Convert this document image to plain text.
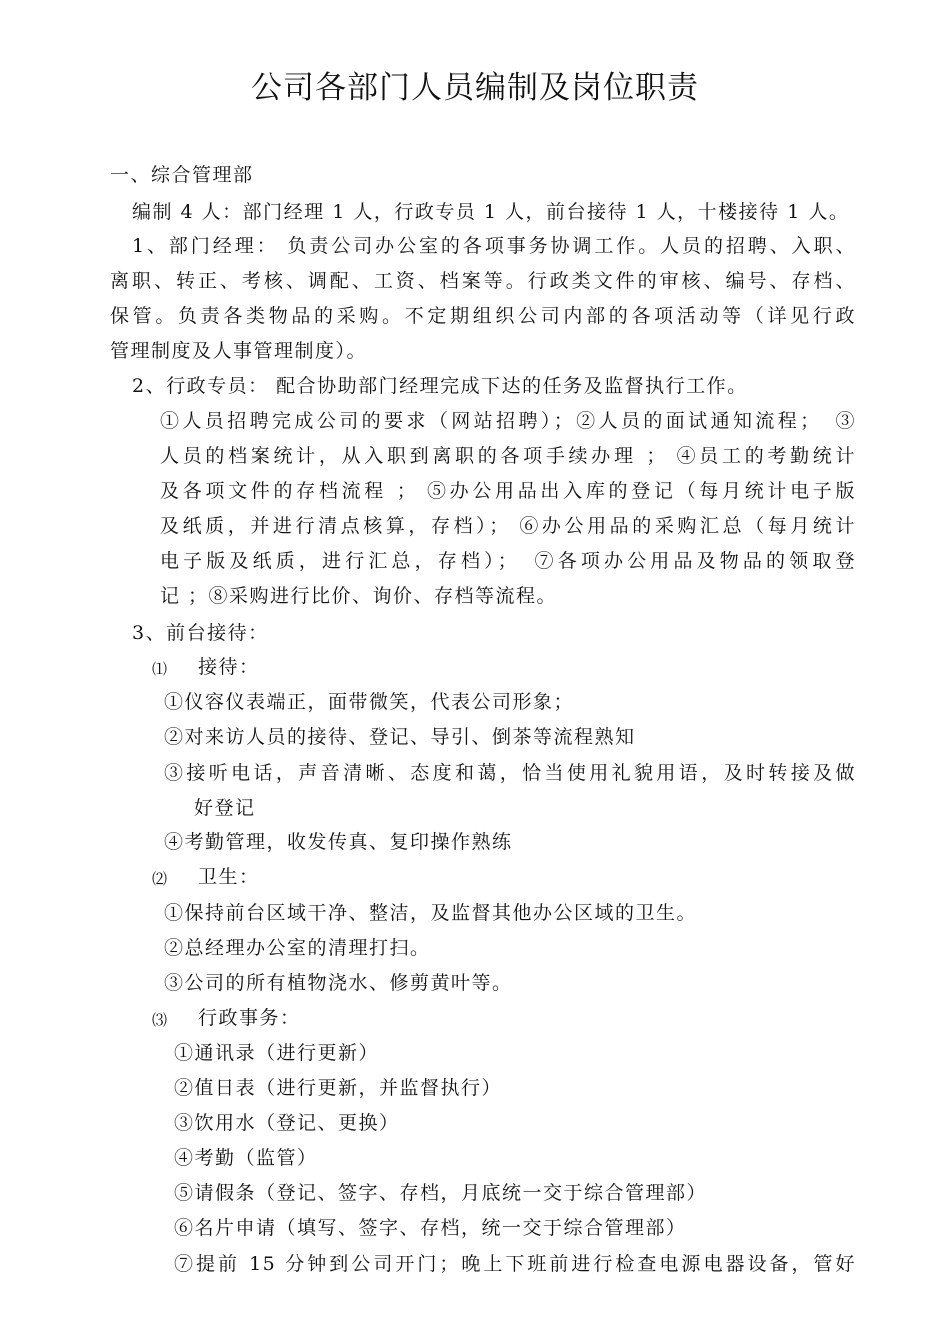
公司各部门人员编制及岗位职责
一、综合管理部
编制 4 人：部门经理 1 人，行政专员 1 人，前台接待 1 人，十楼接待 1 人。
1、部门经理： 负责公司办公室的各项事务协调工作。人员的招聘、入职、
离职、转正、考核、调配、工资、档案等。行政类文件的审核、编号、存档、
保管。负责各类物品的采购。不定期组织公司内部的各项活动等（详见行政
管理制度及人事管理制度）。
2、行政专员： 配合协助部门经理完成下达的任务及监督执行工作。
①人员招聘完成公司的要求（网站招聘）；②人员的面试通知流程；　③
人员的档案统计，从入职到离职的各项手续办理 ； ④员工的考勤统计
及各项文件的存档流程 ； ⑤办公用品出入库的登记（每月统计电子版
及纸质，并进行清点核算，存档）； ⑥办公用品的采购汇总（每月统计
电子版及纸质，进行汇总，存档）；　⑦各项办公用品及物品的领取登
记 ；⑧采购进行比价、询价、存档等流程。
3、前台接待：
⑴ 接待：
①仪容仪表端正，面带微笑，代表公司形象；
②对来访人员的接待、登记、导引、倒茶等流程熟知
③接听电话，声音清晰、态度和蔼，恰当使用礼貌用语，及时转接及做
好登记
④考勤管理，收发传真、复印操作熟练
⑵ 卫生：
①保持前台区域干净、整洁，及监督其他办公区域的卫生。
②总经理办公室的清理打扫。
③公司的所有植物浇水、修剪黄叶等。
⑶ 行政事务：
①通讯录（进行更新）
②值日表（进行更新，并监督执行）
③饮用水（登记、更换）
④考勤（监管）
⑤请假条（登记、签字、存档，月底统一交于综合管理部）
⑥名片申请（填写、签字、存档，统一交于综合管理部）
⑦提前 15 分钟到公司开门；晚上下班前进行检查电源电器设备，管好
